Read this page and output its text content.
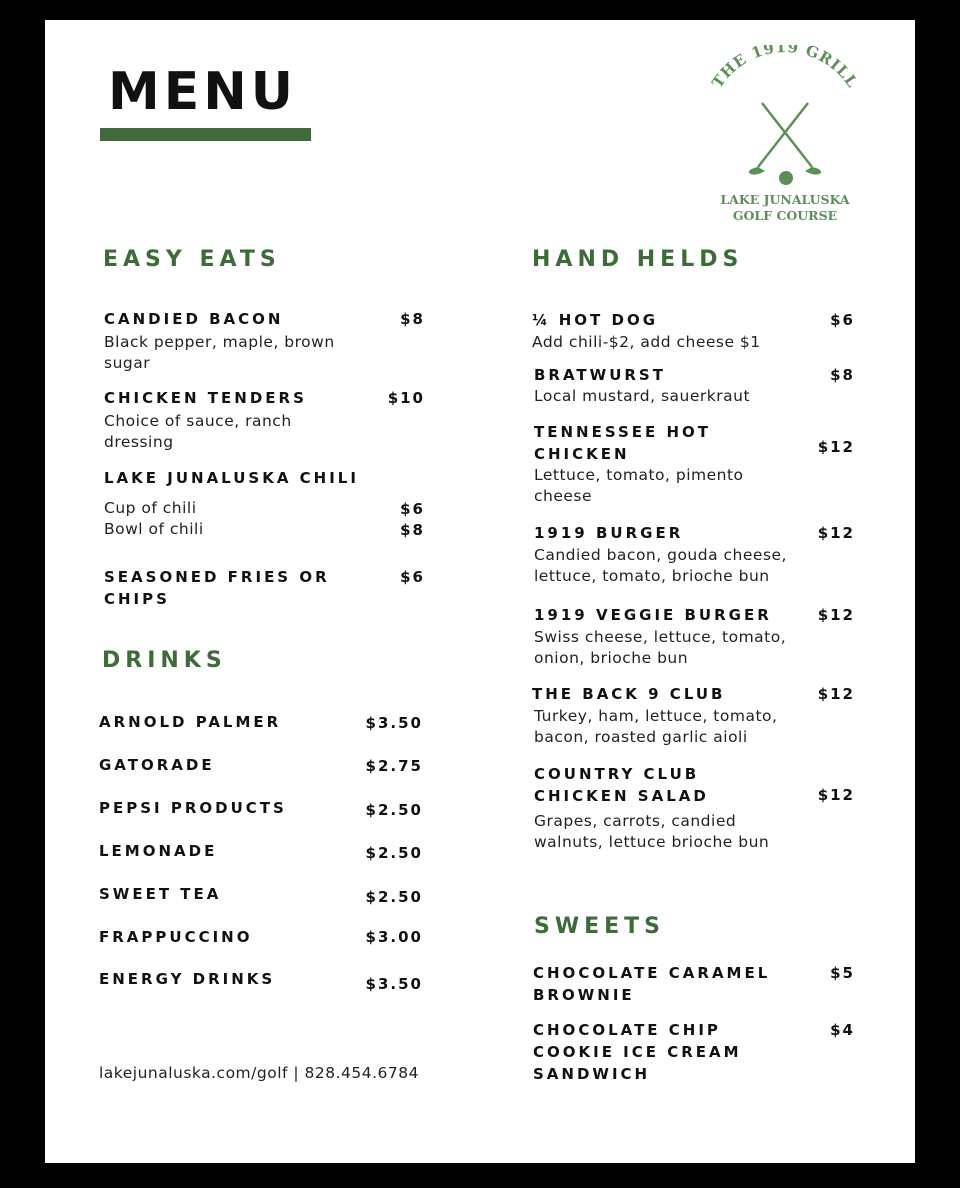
MENU	THE 1919 GRILL
LAKE JUNALUSKA
GOLF COURSE
EASY EATS
CANDIED BACON	$8
Black pepper, maple, brown
sugar
CHICKEN TENDERS	$10
Choice of sauce, ranch
dressing
LAKE JUNALUSKA CHILI
Cup of chili	$6
Bowl of chili	$8
SEASONED FRIES OR
CHIPS
$6
DRINKS
ARNOLD PALMER	$3.50
GATORADE	$2.75
PEPSI PRODUCTS	$2.50
LEMONADE	$2.50
SWEET TEA	$2.50
FRAPPUCCINO	$3.00
ENERGY DRINKS	$3.50
lakejunaluska.com/golf | 828.454.6784
HAND HELDS
¼ HOT DOG	$6
Add chili-$2, add cheese $1
BRATWURST	$8
Local mustard, sauerkraut
TENNESSEE HOT
CHICKEN	$12
Lettuce, tomato, pimento
cheese
1919 BURGER	$12
Candied bacon, gouda cheese,
lettuce, tomato, brioche bun
1919 VEGGIE BURGER	$12
Swiss cheese, lettuce, tomato,
onion, brioche bun
THE BACK 9 CLUB	$12
Turkey, ham, lettuce, tomato,
bacon, roasted garlic aioli
COUNTRY CLUB
CHICKEN SALAD	$12
Grapes, carrots, candied
walnuts, lettuce brioche bun
SWEETS
CHOCOLATE CARAMEL
BROWNIE
$5
CHOCOLATE CHIP
COOKIE ICE CREAM
SANDWICH
$4
